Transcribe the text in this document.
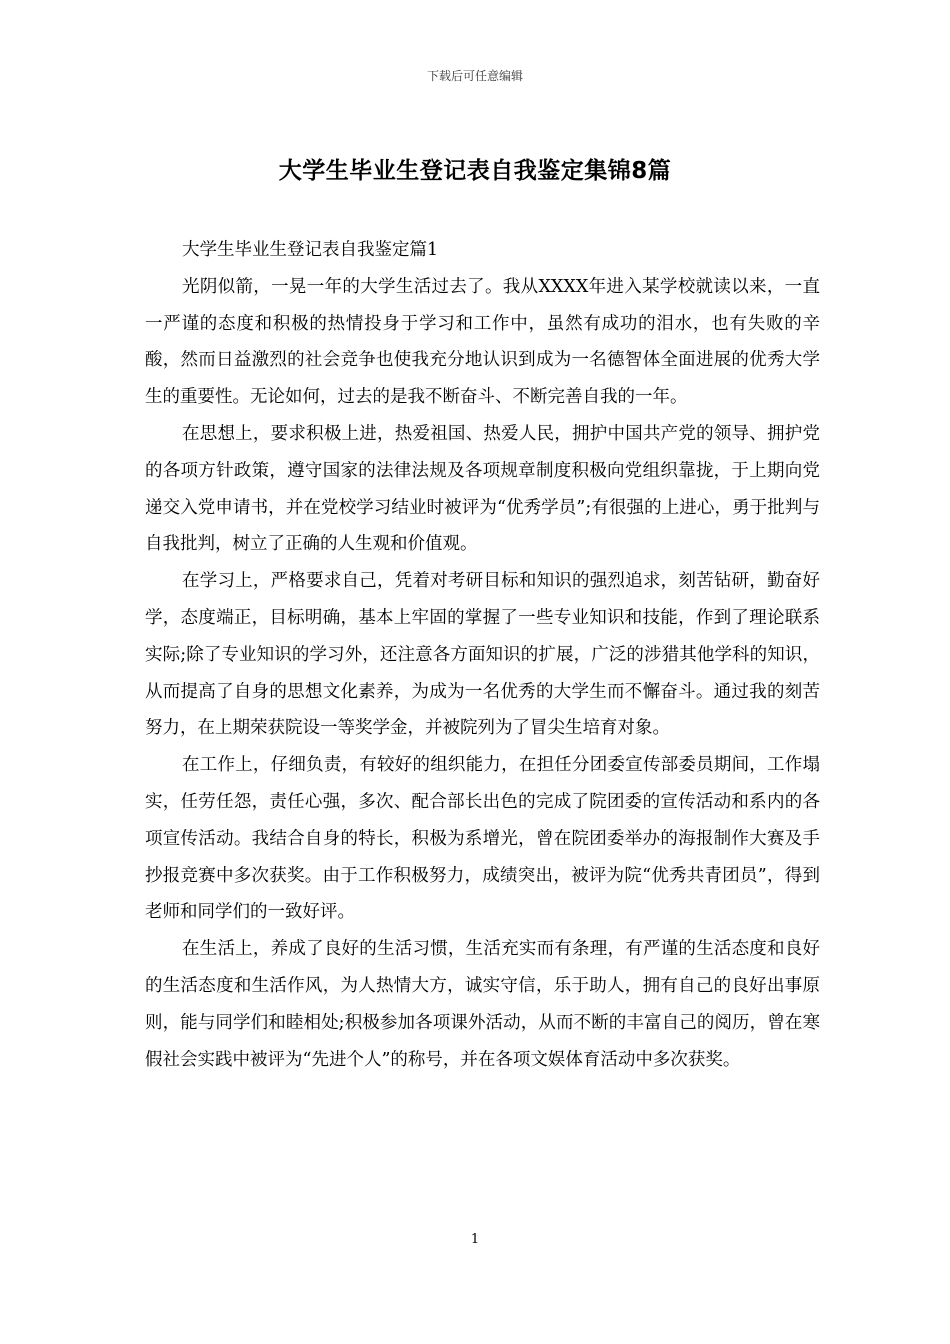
下载后可任意编辑
大学生毕业生登记表自我鉴定集锦8篇

大学生毕业生登记表自我鉴定篇1

光阴似箭，一晃一年的大学生活过去了。我从XXXX年进入某学校就读以来，一直一严谨的态度和积极的热情投身于学习和工作中，虽然有成功的泪水，也有失败的辛酸，然而日益激烈的社会竞争也使我充分地认识到成为一名德智体全面进展的优秀大学生的重要性。无论如何，过去的是我不断奋斗、不断完善自我的一年。

在思想上，要求积极上进，热爱祖国、热爱人民，拥护中国共产党的领导、拥护党的各项方针政策，遵守国家的法律法规及各项规章制度积极向党组织靠拢，于上期向党递交入党申请书，并在党校学习结业时被评为“优秀学员”;有很强的上进心，勇于批判与自我批判，树立了正确的人生观和价值观。

在学习上，严格要求自己，凭着对考研目标和知识的强烈追求，刻苦钻研，勤奋好学，态度端正，目标明确，基本上牢固的掌握了一些专业知识和技能，作到了理论联系实际;除了专业知识的学习外，还注意各方面知识的扩展，广泛的涉猎其他学科的知识，从而提高了自身的思想文化素养，为成为一名优秀的大学生而不懈奋斗。通过我的刻苦努力，在上期荣获院设一等奖学金，并被院列为了冒尖生培育对象。

在工作上，仔细负责，有较好的组织能力，在担任分团委宣传部委员期间，工作塌实，任劳任怨，责任心强，多次、配合部长出色的完成了院团委的宣传活动和系内的各项宣传活动。我结合自身的特长，积极为系增光，曾在院团委举办的海报制作大赛及手抄报竞赛中多次获奖。由于工作积极努力，成绩突出，被评为院“优秀共青团员”，得到老师和同学们的一致好评。

在生活上，养成了良好的生活习惯，生活充实而有条理，有严谨的生活态度和良好的生活态度和生活作风，为人热情大方，诚实守信，乐于助人，拥有自己的良好出事原则，能与同学们和睦相处;积极参加各项课外活动，从而不断的丰富自己的阅历，曾在寒假社会实践中被评为“先进个人”的称号，并在各项文娱体育活动中多次获奖。

1
